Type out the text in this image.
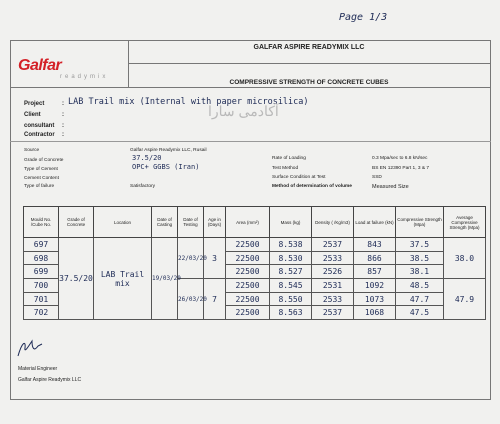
Page 1/3
Galfar
readymix
GALFAR ASPIRE READYMIX LLC
COMPRESSIVE STRENGTH OF CONCRETE CUBES
Project	: LAB Trail mix (Internal with paper microsilica)
Client	:
consultant :
Contractor :
آکادمی سارا
Source	Galfar Aspire Readymix LLC, Rusail
Grade of Concrete	37.5/20
Type of Cement	OPC+ GGBS (Iran)
Cement Content
Type of failure	Satisfactory
Rate of Loading	0.3 Mpa/sec to 6.8 kN/sec
Test Method	BS EN 12390 Part 1, 3 & 7
Surface Condition at Test	SSD
Method of determination of volume	Measured Size
Mould No. /Cube No.	Grade of Concrete	Location	Date of Casting	Date of Testing	Age in (Days)	Area (mm²)	Mass (kg)	Density ( /Kg/m3)	Load at failure (kN)	Compressive Strength (Mpa)	Average Compressive Strength (Mpa)
697	37.5/20	LAB Trail mix	19/03/20	22/03/20	3	22500	8.538	2537	843	37.5	38.0
698						22500	8.530	2533	866	38.5	
699						22500	8.527	2526	857	38.1	
700				26/03/20	7	22500	8.545	2531	1092	48.5	47.9
701						22500	8.550	2533	1073	47.7	
702						22500	8.563	2537	1068	47.5	
Material Engineer
Galfar Aspire Readymix LLC
